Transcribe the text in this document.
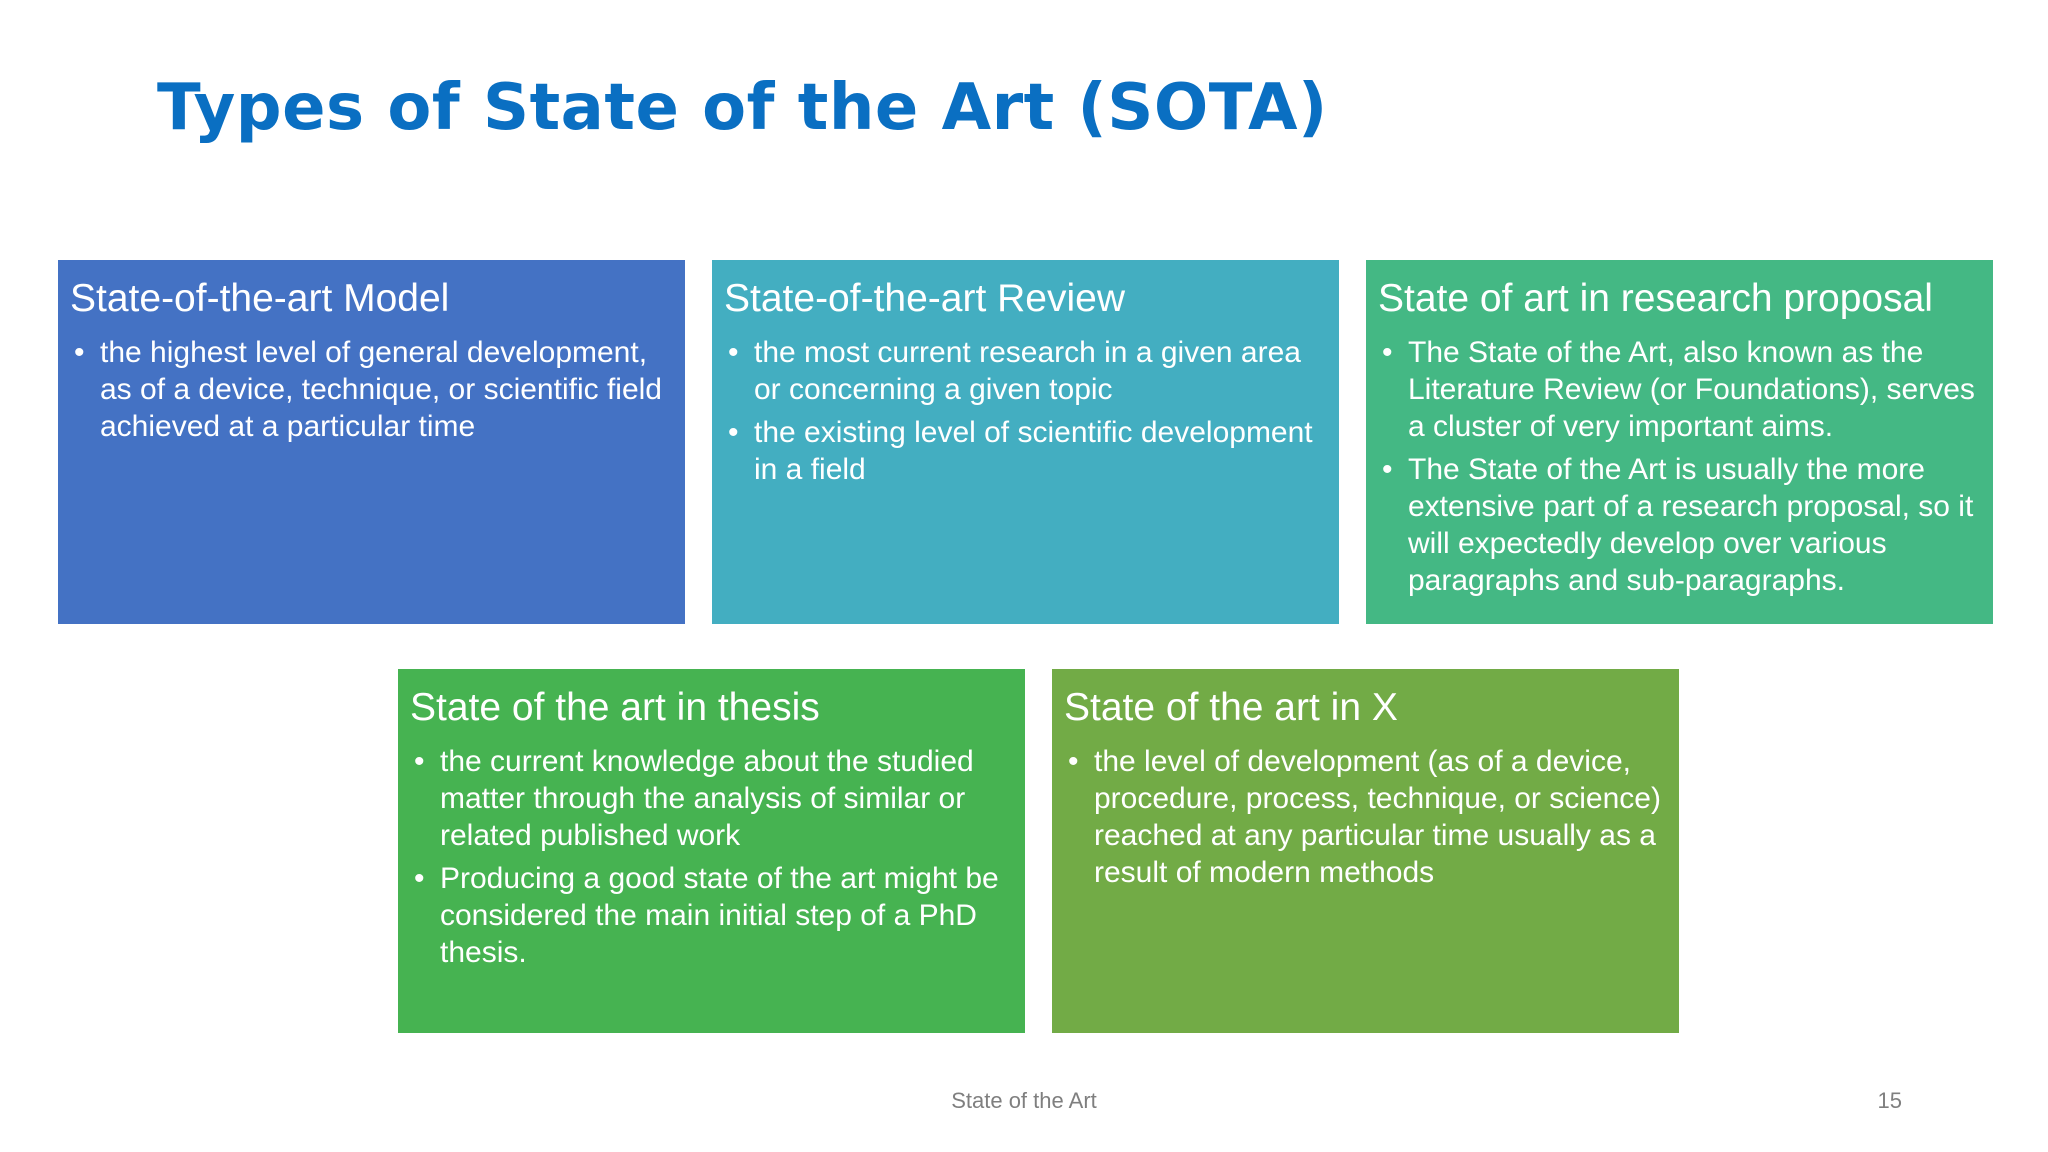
Types of State of the Art (SOTA)
State-of-the-art Model
• the highest level of general development, as of a device, technique, or scientific field achieved at a particular time
State-of-the-art Review
• the most current research in a given area or concerning a given topic
• the existing level of scientific development in a field
State of art in research proposal
• The State of the Art, also known as the Literature Review (or Foundations), serves a cluster of very important aims.
• The State of the Art is usually the more extensive part of a research proposal, so it will expectedly develop over various paragraphs and sub-paragraphs.
State of the art in thesis
• the current knowledge about the studied matter through the analysis of similar or related published work
• Producing a good state of the art might be considered the main initial step of a PhD thesis.
State of the art in X
• the level of development (as of a device, procedure, process, technique, or science) reached at any particular time usually as a result of modern methods
State of the Art	15
